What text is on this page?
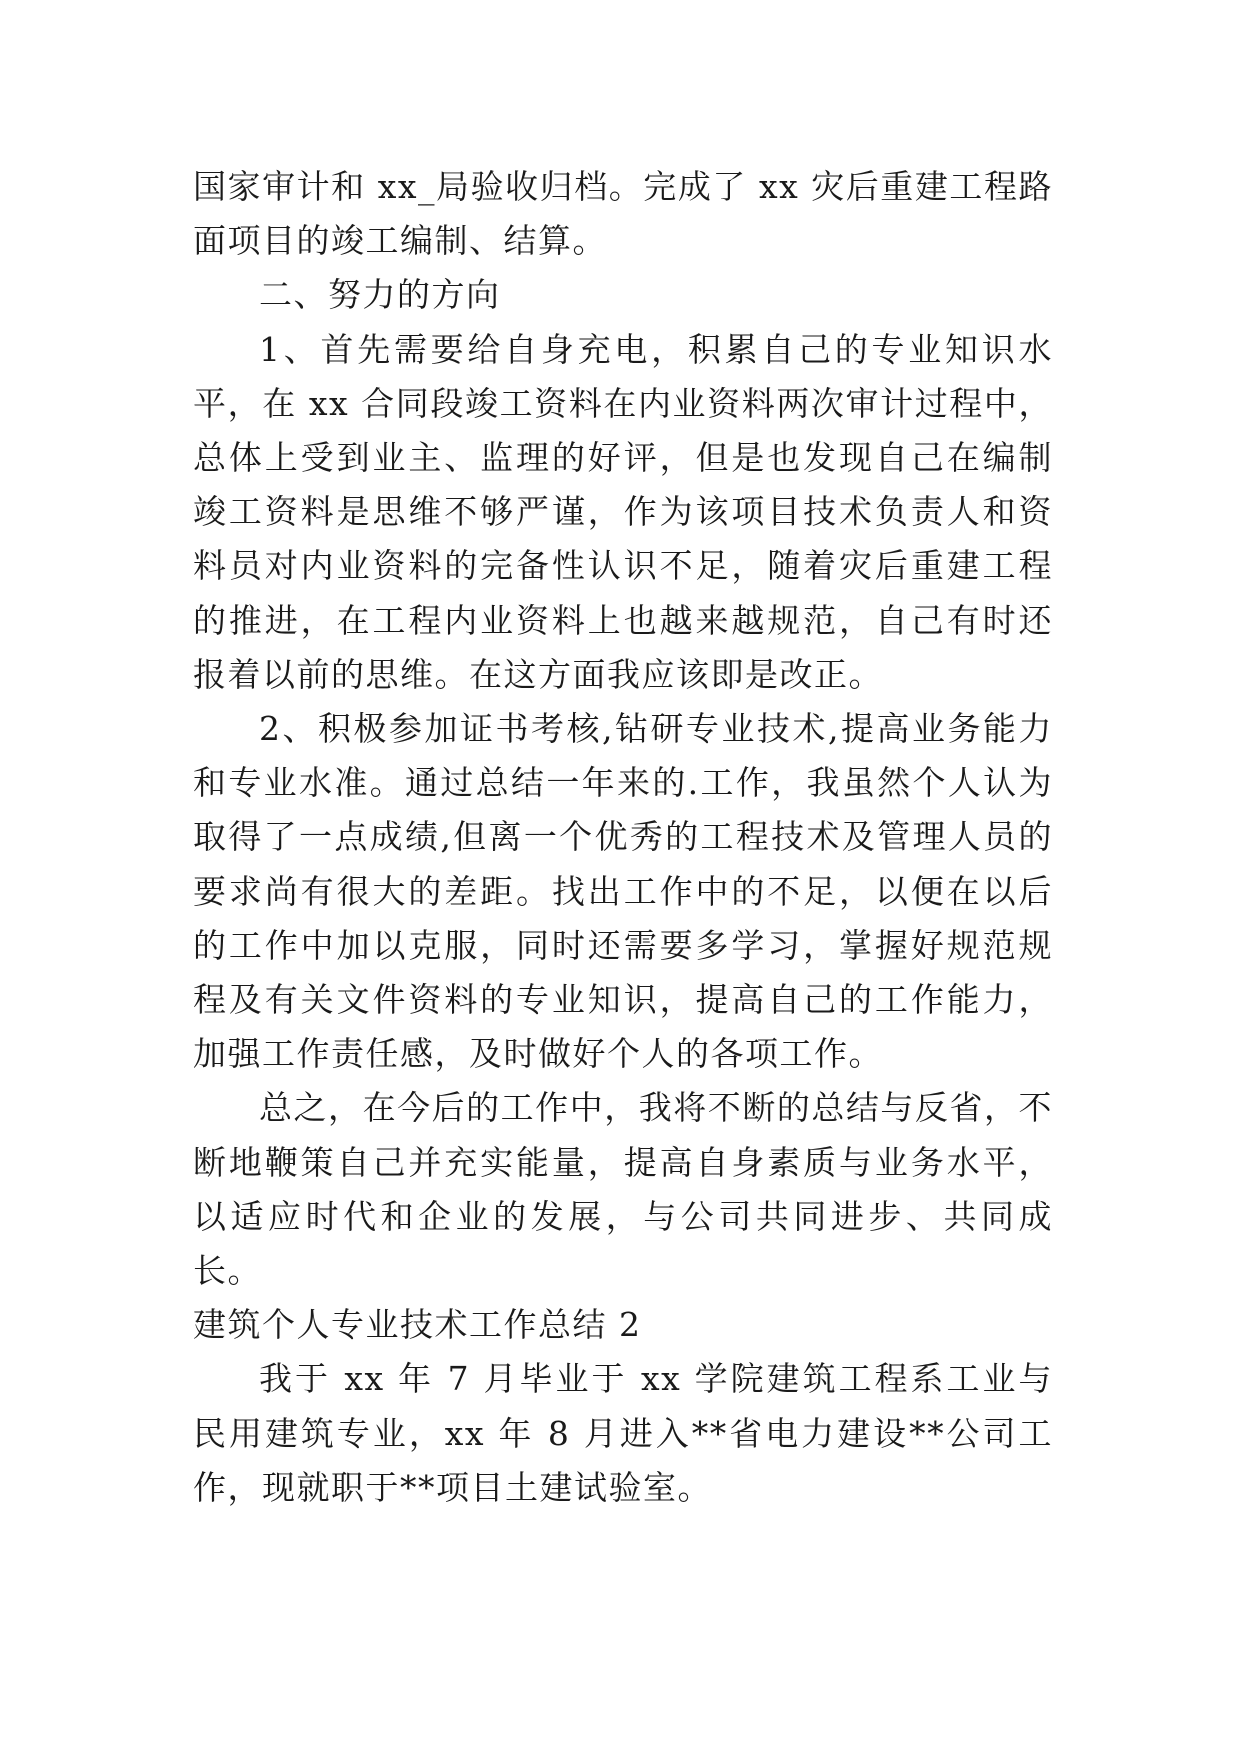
国家审计和 xx_局验收归档。完成了 xx 灾后重建工程路面项目的竣工编制、结算。

二、努力的方向

1、首先需要给自身充电，积累自己的专业知识水平，在 xx 合同段竣工资料在内业资料两次审计过程中，总体上受到业主、监理的好评，但是也发现自己在编制竣工资料是思维不够严谨，作为该项目技术负责人和资料员对内业资料的完备性认识不足，随着灾后重建工程的推进，在工程内业资料上也越来越规范，自己有时还报着以前的思维。在这方面我应该即是改正。

2、积极参加证书考核,钻研专业技术,提高业务能力和专业水准。通过总结一年来的.工作，我虽然个人认为取得了一点成绩,但离一个优秀的工程技术及管理人员的要求尚有很大的差距。找出工作中的不足，以便在以后的工作中加以克服，同时还需要多学习，掌握好规范规程及有关文件资料的专业知识，提高自己的工作能力，加强工作责任感，及时做好个人的各项工作。

总之，在今后的工作中，我将不断的总结与反省，不断地鞭策自己并充实能量，提高自身素质与业务水平，以适应时代和企业的发展，与公司共同进步、共同成长。

建筑个人专业技术工作总结 2

我于 xx 年 7 月毕业于 xx 学院建筑工程系工业与民用建筑专业，xx 年 8 月进入**省电力建设**公司工作，现就职于**项目土建试验室。
